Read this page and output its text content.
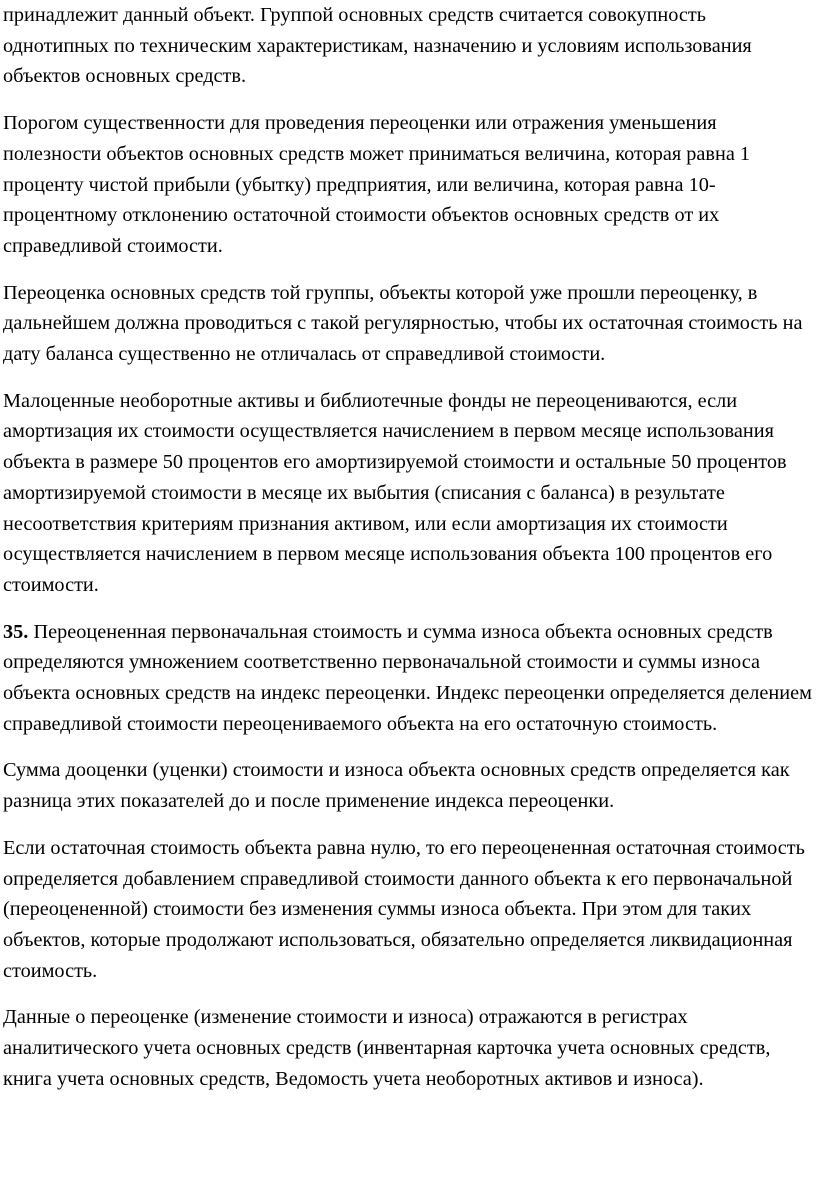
принадлежит данный объект. Группой основных средств считается совокупность однотипных по техническим характеристикам, назначению и условиям использования объектов основных средств.

Порогом существенности для проведения переоценки или отражения уменьшения полезности объектов основных средств может приниматься величина, которая равна 1 проценту чистой прибыли (убытку) предприятия, или величина, которая равна 10-процентному отклонению остаточной стоимости объектов основных средств от их справедливой стоимости.

Переоценка основных средств той группы, объекты которой уже прошли переоценку, в дальнейшем должна проводиться с такой регулярностью, чтобы их остаточная стоимость на дату баланса существенно не отличалась от справедливой стоимости.

Малоценные необоротные активы и библиотечные фонды не переоцениваются, если амортизация их стоимости осуществляется начислением в первом месяце использования объекта в размере 50 процентов его амортизируемой стоимости и остальные 50 процентов амортизируемой стоимости в месяце их выбытия (списания с баланса) в результате несоответствия критериям признания активом, или если амортизация их стоимости осуществляется начислением в первом месяце использования объекта 100 процентов его стоимости.

35. Переоцененная первоначальная стоимость и сумма износа объекта основных средств определяются умножением соответственно первоначальной стоимости и суммы износа объекта основных средств на индекс переоценки. Индекс переоценки определяется делением справедливой стоимости переоцениваемого объекта на его остаточную стоимость.

Сумма дооценки (уценки) стоимости и износа объекта основных средств определяется как разница этих показателей до и после применение индекса переоценки.

Если остаточная стоимость объекта равна нулю, то его переоцененная остаточная стоимость определяется добавлением справедливой стоимости данного объекта к его первоначальной (переоцененной) стоимости без изменения суммы износа объекта. При этом для таких объектов, которые продолжают использоваться, обязательно определяется ликвидационная стоимость.

Данные о переоценке (изменение стоимости и износа) отражаются в регистрах аналитического учета основных средств (инвентарная карточка учета основных средств, книга учета основных средств, Ведомость учета необоротных активов и износа).
